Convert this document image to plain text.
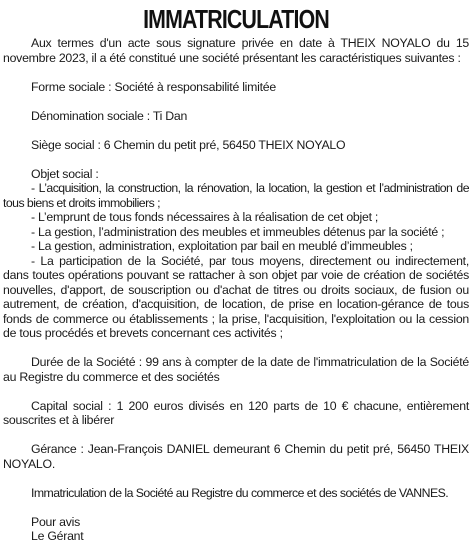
IMMATRICULATION

Aux termes d'un acte sous signature privée en date à THEIX NOYALO du 15 novembre 2023, il a été constitué une société présentant les caractéristiques suivantes :

Forme sociale : Société à responsabilité limitée

Dénomination sociale : Ti Dan

Siège social : 6 Chemin du petit pré, 56450 THEIX NOYALO

Objet social :

- L’acquisition, la construction, la rénovation, la location, la gestion et l’administration de tous biens et droits immobiliers ;

- L’emprunt de tous fonds nécessaires à la réalisation de cet objet ;

- La gestion, l’administration des meubles et immeubles détenus par la société ;

- La gestion, administration, exploitation par bail en meublé d’immeubles ;

- La participation de la Société, par tous moyens, directement ou indirectement, dans toutes opérations pouvant se rattacher à son objet par voie de création de sociétés nouvelles, d'apport, de souscription ou d'achat de titres ou droits sociaux, de fusion ou autrement, de création, d'acquisition, de location, de prise en location-gérance de tous fonds de commerce ou établissements ; la prise, l'acquisition, l'exploitation ou la cession de tous procédés et brevets concernant ces activités ;

Durée de la Société : 99 ans à compter de la date de l'immatriculation de la Société au Registre du commerce et des sociétés

Capital social : 1 200 euros divisés en 120 parts de 10 € chacune, entièrement souscrites et à libérer

Gérance : Jean-François DANIEL demeurant 6 Chemin du petit pré, 56450 THEIX NOYALO.

Immatriculation de la Société au Registre du commerce et des sociétés de VANNES.

Pour avis

Le Gérant
